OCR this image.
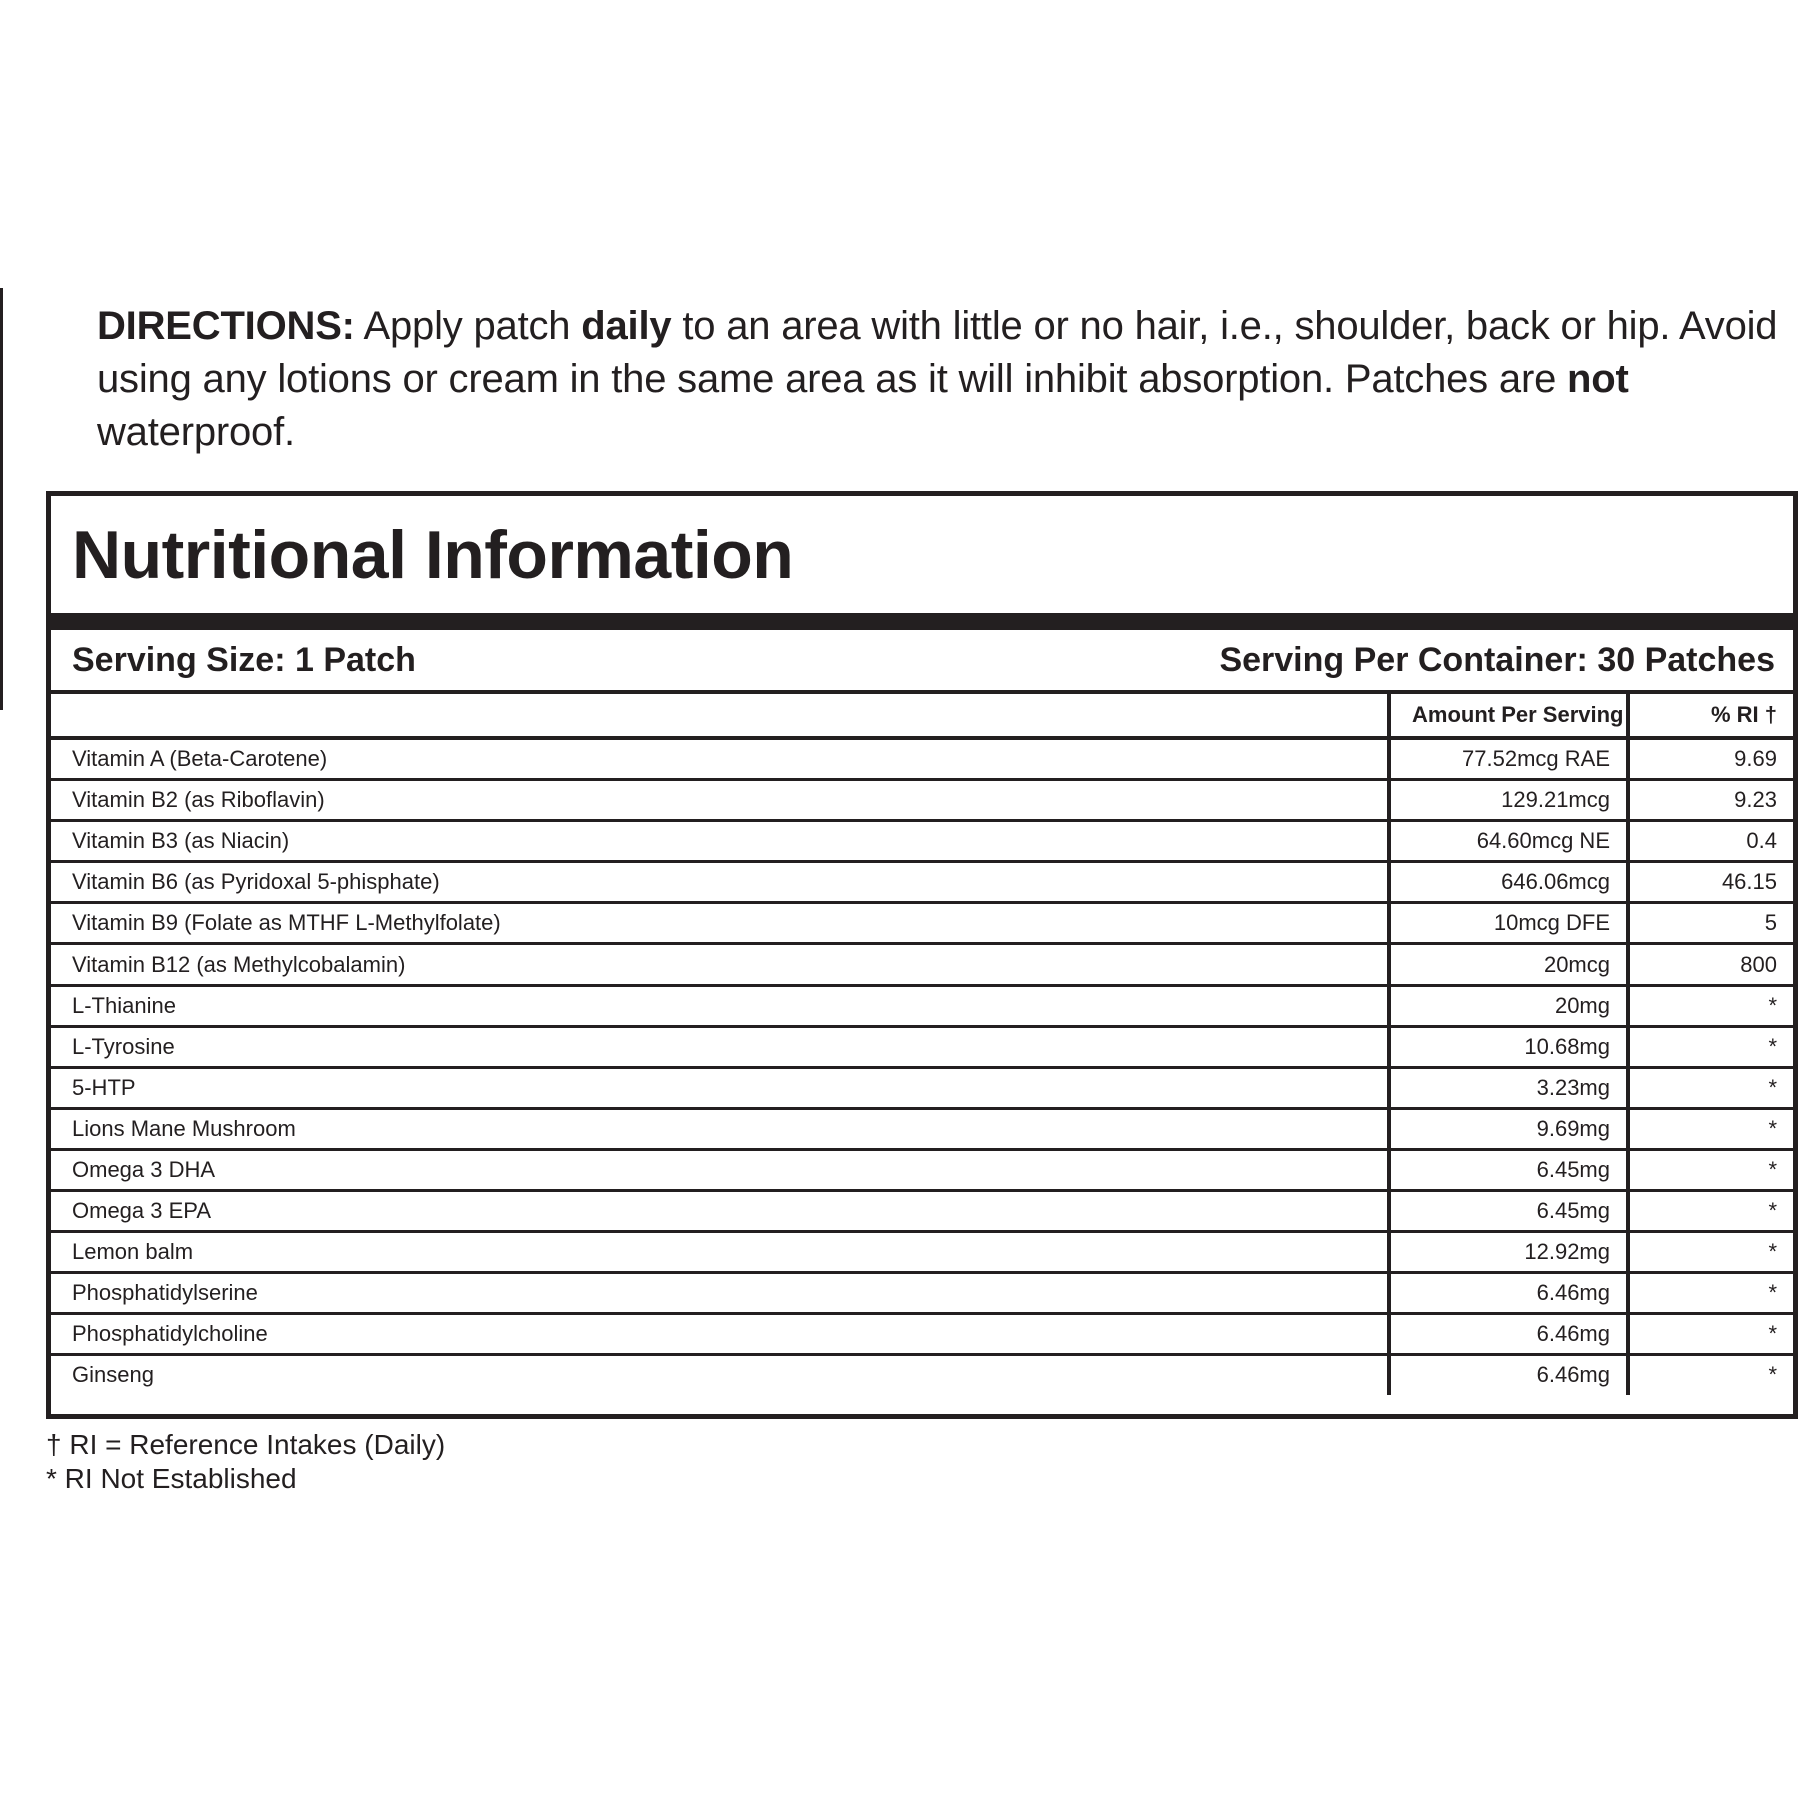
DIRECTIONS: Apply patch daily to an area with little or no hair, i.e., shoulder, back or hip. Avoid using any lotions or cream in the same area as it will inhibit absorption. Patches are not waterproof.
Nutritional Information
Serving Size: 1 Patch	Serving Per Container: 30 Patches
	Amount Per Serving	% RI †
Vitamin A (Beta-Carotene)	77.52mcg RAE	9.69
Vitamin B2 (as Riboflavin)	129.21mcg	9.23
Vitamin B3 (as Niacin)	64.60mcg NE	0.4
Vitamin B6 (as Pyridoxal 5-phisphate)	646.06mcg	46.15
Vitamin B9 (Folate as MTHF L-Methylfolate)	10mcg DFE	5
Vitamin B12 (as Methylcobalamin)	20mcg	800
L-Thianine	20mg	*
L-Tyrosine	10.68mg	*
5-HTP	3.23mg	*
Lions Mane Mushroom	9.69mg	*
Omega 3 DHA	6.45mg	*
Omega 3 EPA	6.45mg	*
Lemon balm	12.92mg	*
Phosphatidylserine	6.46mg	*
Phosphatidylcholine	6.46mg	*
Ginseng	6.46mg	*
† RI = Reference Intakes (Daily)
* RI Not Established
